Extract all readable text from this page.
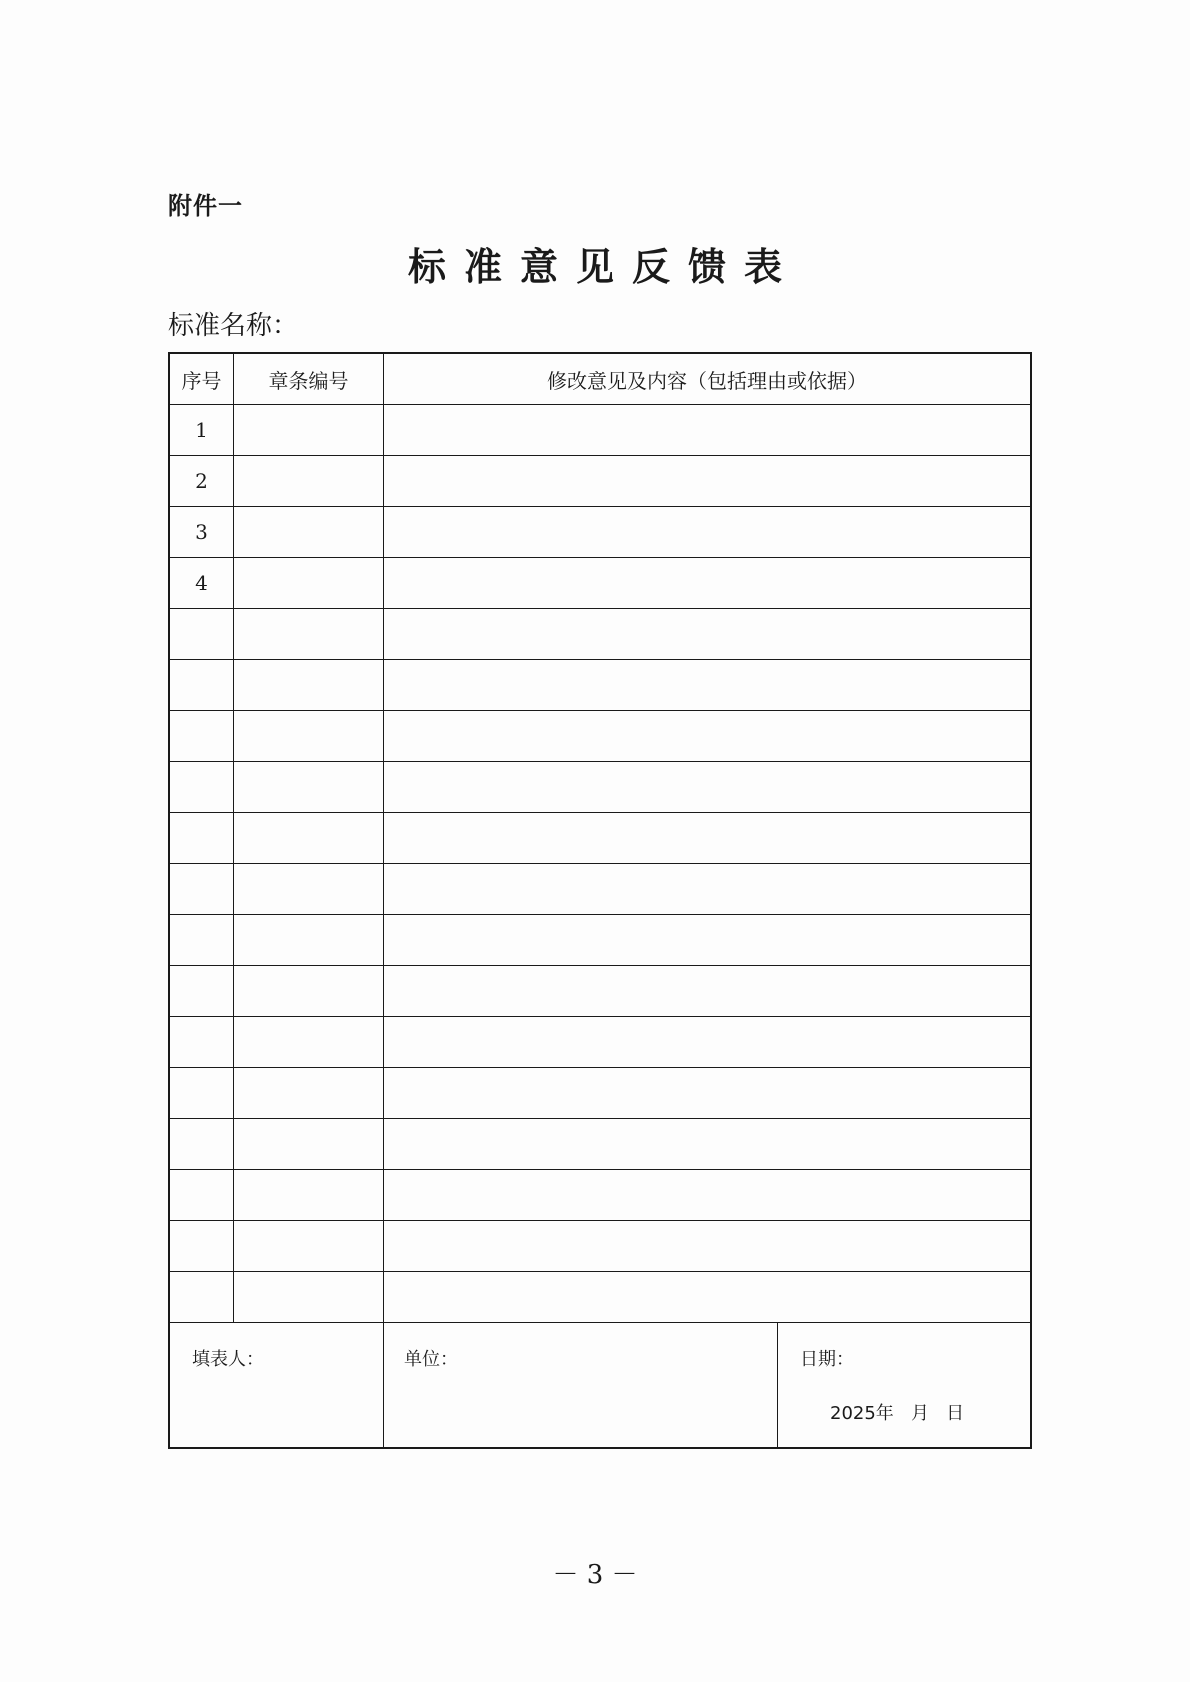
附件一
标准意见反馈表
标准名称：
序号	章条编号	修改意见及内容（包括理由或依据）
1
2
3
4
填表人：	单位：	日期：
2025年   月   日
－ 3 －
